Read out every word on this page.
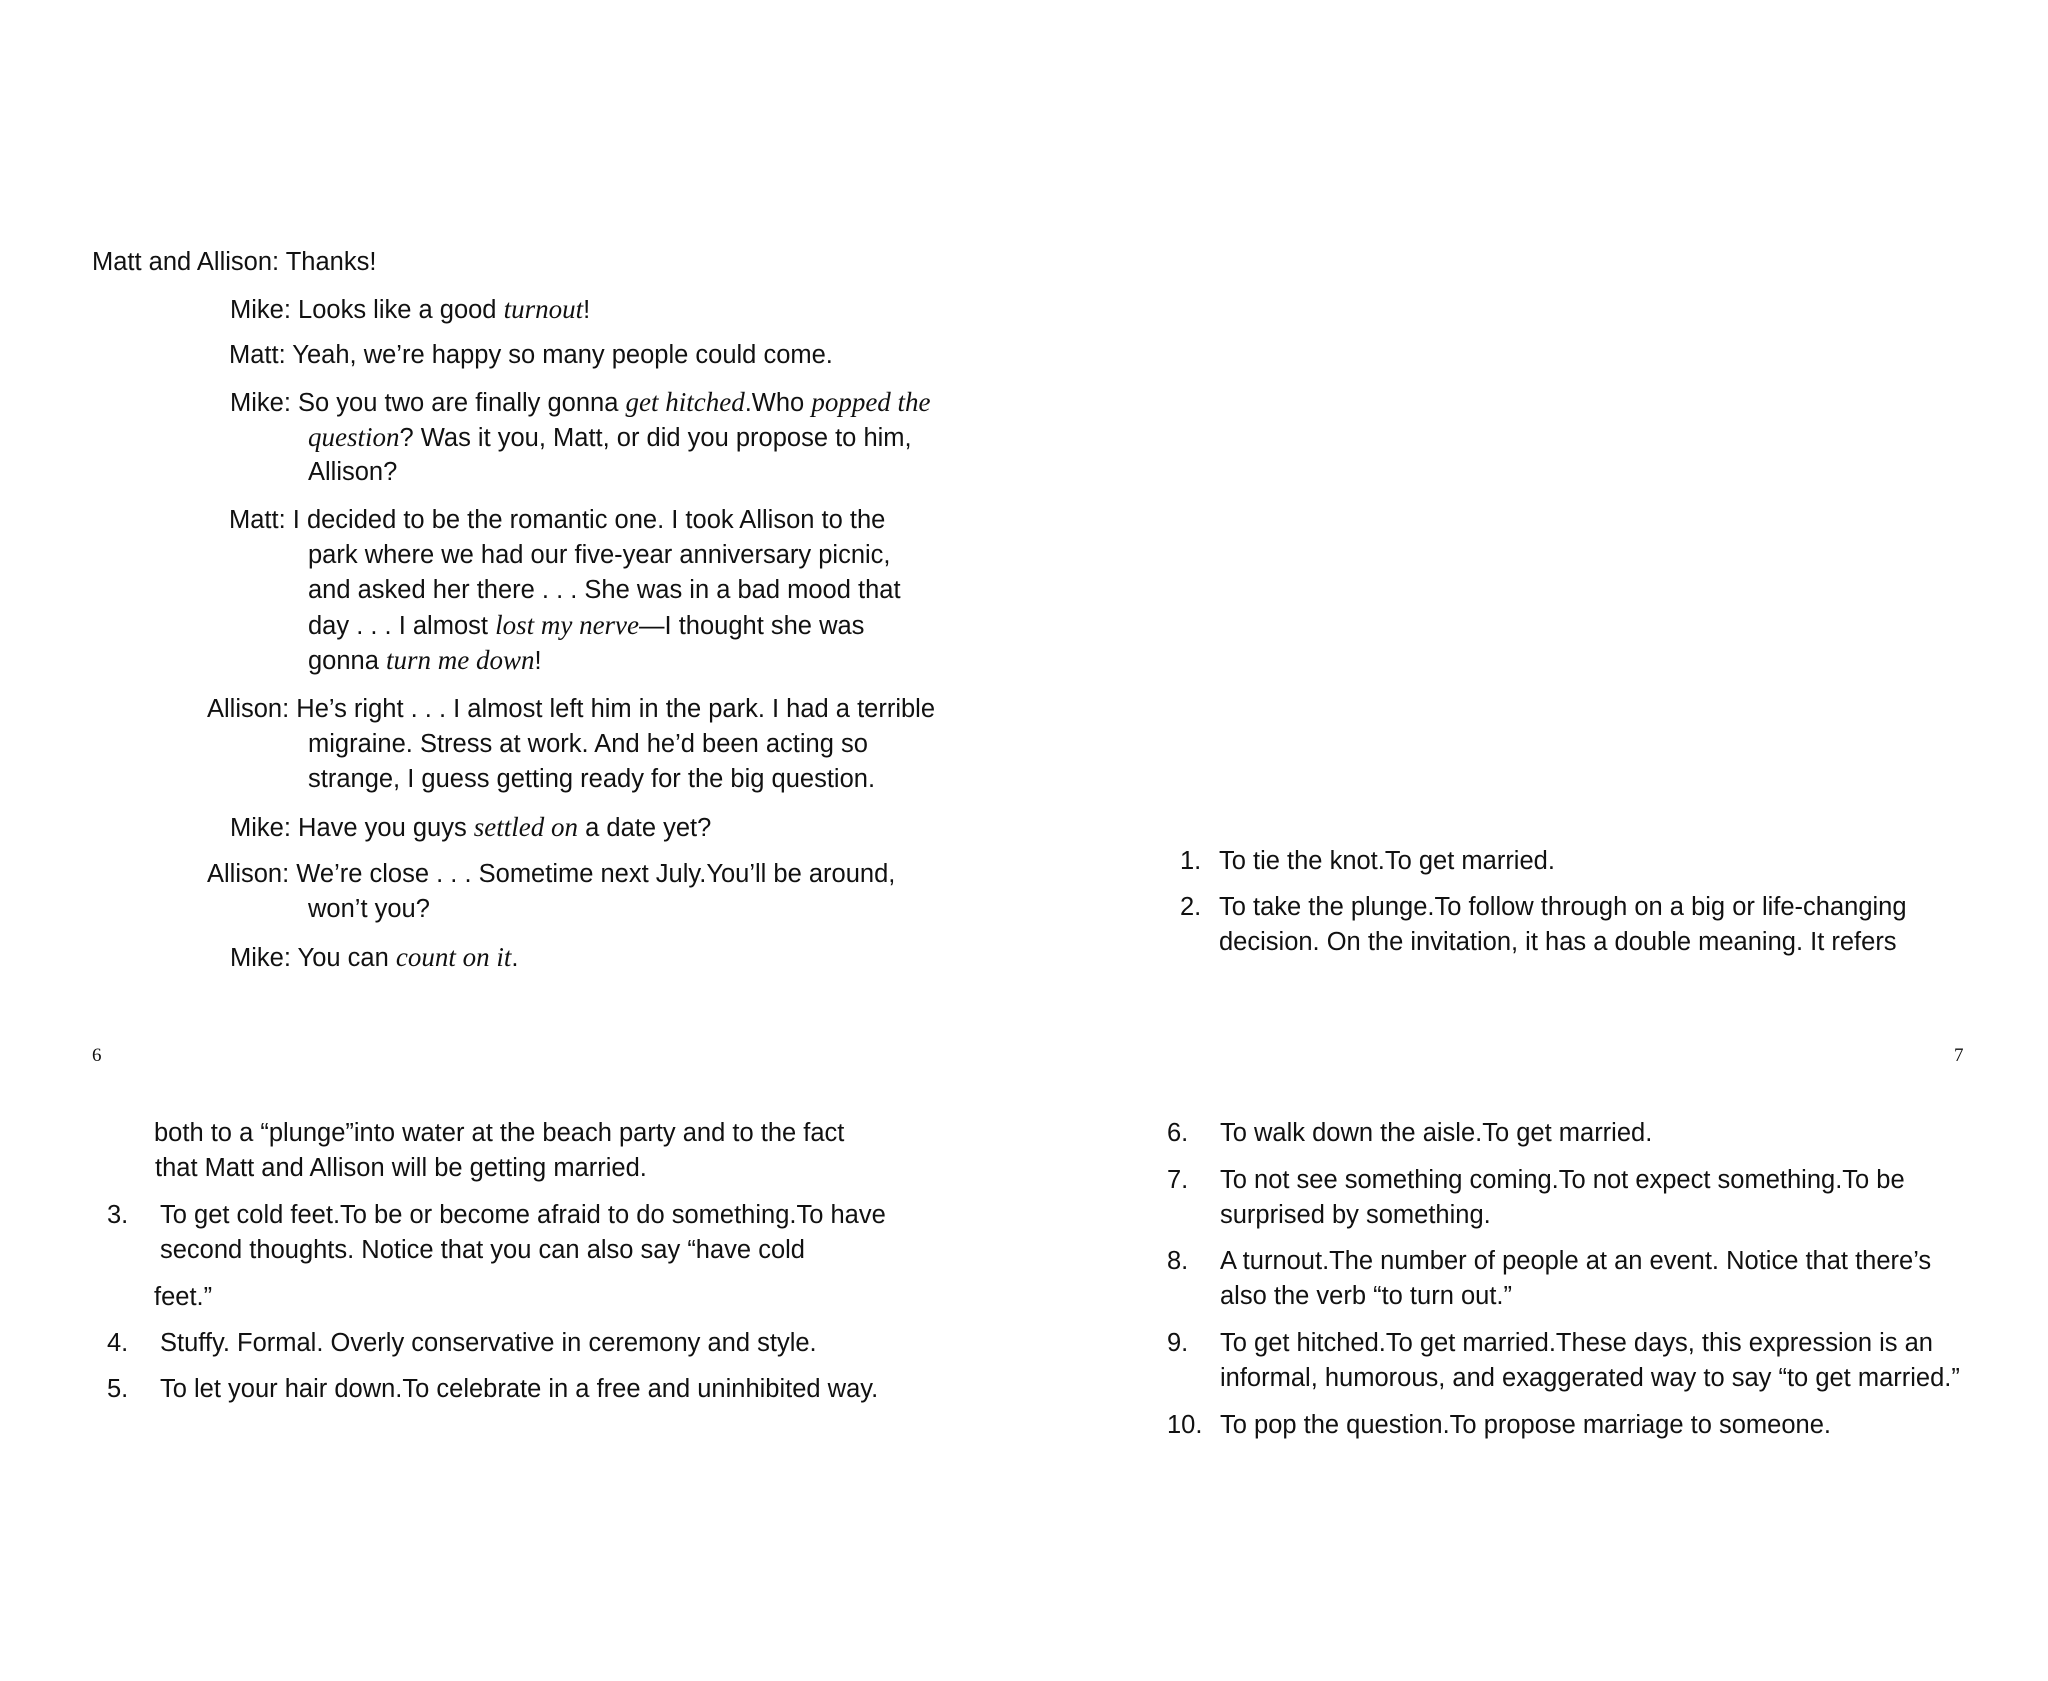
Matt and Allison: Thanks!

Mike: Looks like a good turnout!

Matt: Yeah, we’re happy so many people could come.

Mike: So you two are finally gonna get hitched.Who popped the

question? Was it you, Matt, or did you propose to him,

Allison?

Matt: I decided to be the romantic one. I took Allison to the

park where we had our five-year anniversary picnic,

and asked her there . . . She was in a bad mood that

day . . . I almost lost my nerve—I thought she was

gonna turn me down!

Allison: He’s right . . . I almost left him in the park. I had a terrible

migraine. Stress at work. And he’d been acting so

strange, I guess getting ready for the big question.

Mike: Have you guys settled on a date yet?

Allison: We’re close . . . Sometime next July.You’ll be around,

won’t you?

Mike: You can count on it.

1. To tie the knot.To get married.

2. To take the plunge.To follow through on a big or life-changing

decision. On the invitation, it has a double meaning. It refers

6	7

both to a “plunge”into water at the beach party and to the fact

that Matt and Allison will be getting married.

3. To get cold feet.To be or become afraid to do something.To have

second thoughts. Notice that you can also say “have cold

feet.”

4. Stuffy. Formal. Overly conservative in ceremony and style.

5. To let your hair down.To celebrate in a free and uninhibited way.

6. To walk down the aisle.To get married.

7. To not see something coming.To not expect something.To be

surprised by something.

8. A turnout.The number of people at an event. Notice that there’s

also the verb “to turn out.”

9. To get hitched.To get married.These days, this expression is an

informal, humorous, and exaggerated way to say “to get married.”

10. To pop the question.To propose marriage to someone.
